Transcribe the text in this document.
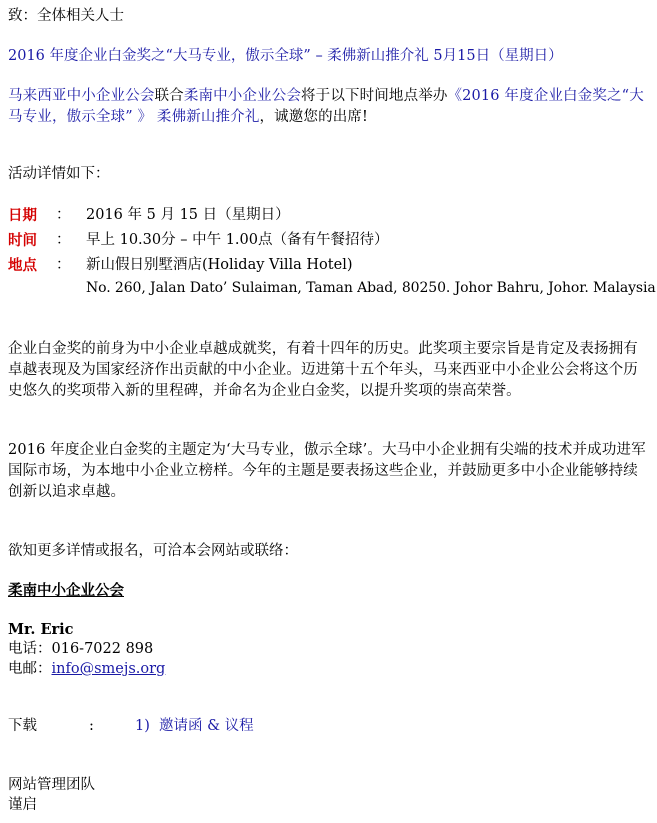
致：全体相关人士

2016 年度企业白金奖之“大马专业，傲示全球” – 柔佛新山推介礼 5月15日（星期日）

马来西亚中小企业公会联合柔南中小企业公会将于以下时间地点举办《2016 年度企业白金奖之“大马专业，傲示全球” 》 柔佛新山推介礼，诚邀您的出席!

活动详情如下：

日期	： 2016 年 5 月 15 日（星期日）
时间	： 早上 10.30分 – 中午 1.00点（备有午餐招待）
地点	： 新山假日别墅酒店(Holiday Villa Hotel)

No. 260, Jalan Dato’ Sulaiman, Taman Abad, 80250. Johor Bahru, Johor. Malaysia

企业白金奖的前身为中小企业卓越成就奖，有着十四年的历史。此奖项主要宗旨是肯定及表扬拥有卓越表现及为国家经济作出贡献的中小企业。迈进第十五个年头，马来西亚中小企业公会将这个历史悠久的奖项带入新的里程碑，并命名为企业白金奖，以提升奖项的崇高荣誉。

2016 年度企业白金奖的主题定为‘大马专业，傲示全球’。大马中小企业拥有尖端的技术并成功进军国际市场，为本地中小企业立榜样。今年的主题是要表扬这些企业，并鼓励更多中小企业能够持续创新以追求卓越。

欲知更多详情或报名，可洽本会网站或联络：

柔南中小企业公会

Mr. Eric

电话：016-7022 898

电邮：info@smejs.org

下载	:	1) 邀请函 & 议程

网站管理团队

谨启
